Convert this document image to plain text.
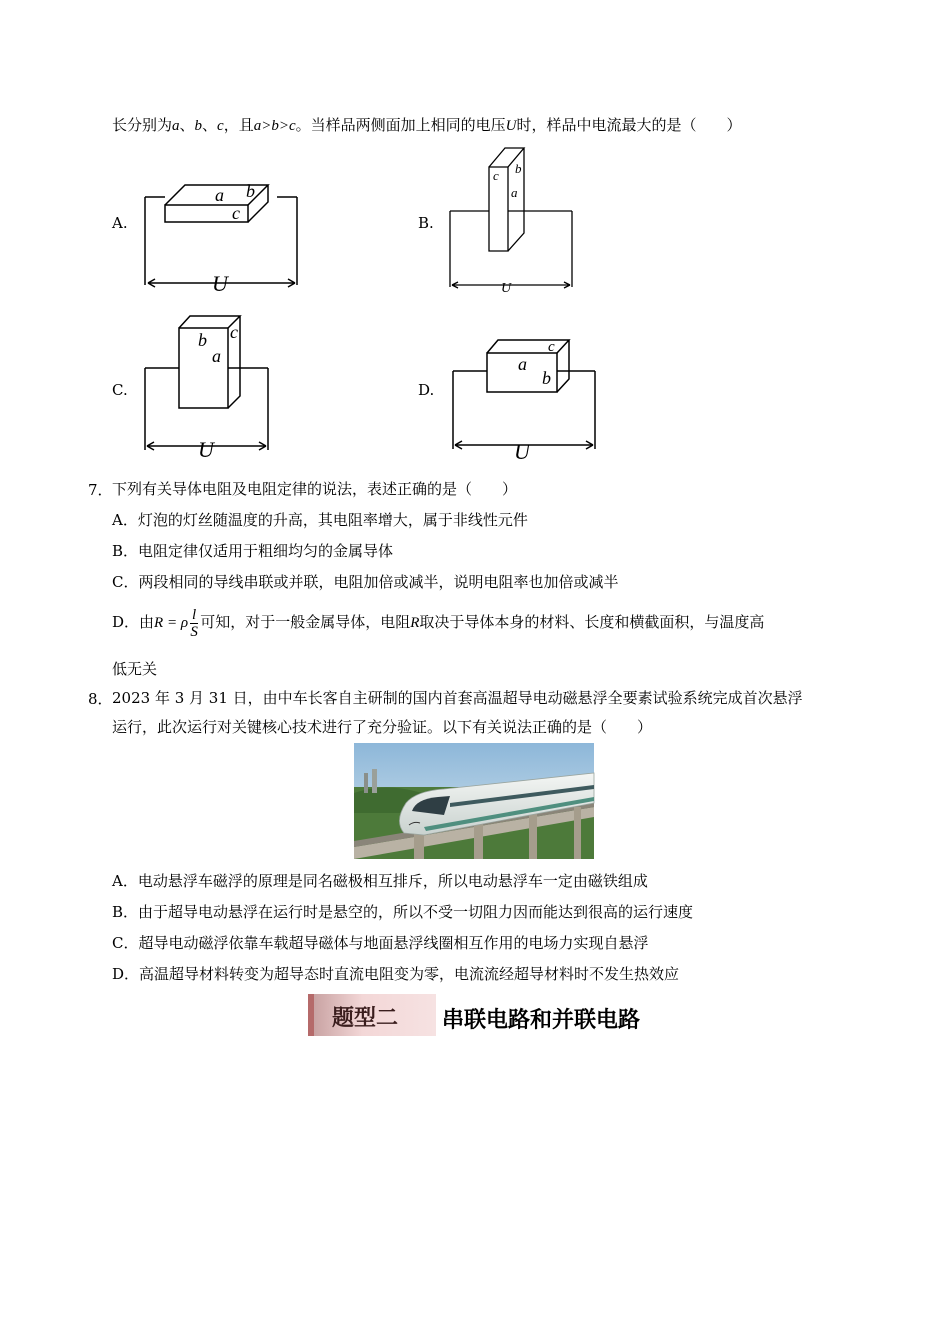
长分别为a、b、c，且a>b>c。当样品两侧面加上相同的电压U时，样品中电流最大的是（　　）
A.
a b
c
U
B.
c b
a
U
C.
b
a
c
U
D.
a
b
c
U
7． 下列有关导体电阻及电阻定律的说法，表述正确的是（　　）
A．灯泡的灯丝随温度的升高，其电阻率增大，属于非线性元件
B．电阻定律仅适用于粗细均匀的金属导体
C．两段相同的导线串联或并联，电阻加倍或减半，说明电阻率也加倍或减半
D．由R = ρ $\frac{l}{S}$ 可知，对于一般金属导体，电阻R取决于导体本身的材料、长度和横截面积，与温度高
低无关
8． 2023 年 3 月 31 日，由中车长客自主研制的国内首套高温超导电动磁悬浮全要素试验系统完成首次悬浮
运行，此次运行对关键核心技术进行了充分验证。以下有关说法正确的是（　　）
A．电动悬浮车磁浮的原理是同名磁极相互排斥，所以电动悬浮车一定由磁铁组成
B．由于超导电动悬浮在运行时是悬空的，所以不受一切阻力因而能达到很高的运行速度
C．超导电动磁浮依靠车载超导磁体与地面悬浮线圈相互作用的电场力实现自悬浮
D．高温超导材料转变为超导态时直流电阻变为零，电流流经超导材料时不发生热效应
题型二 串联电路和并联电路
